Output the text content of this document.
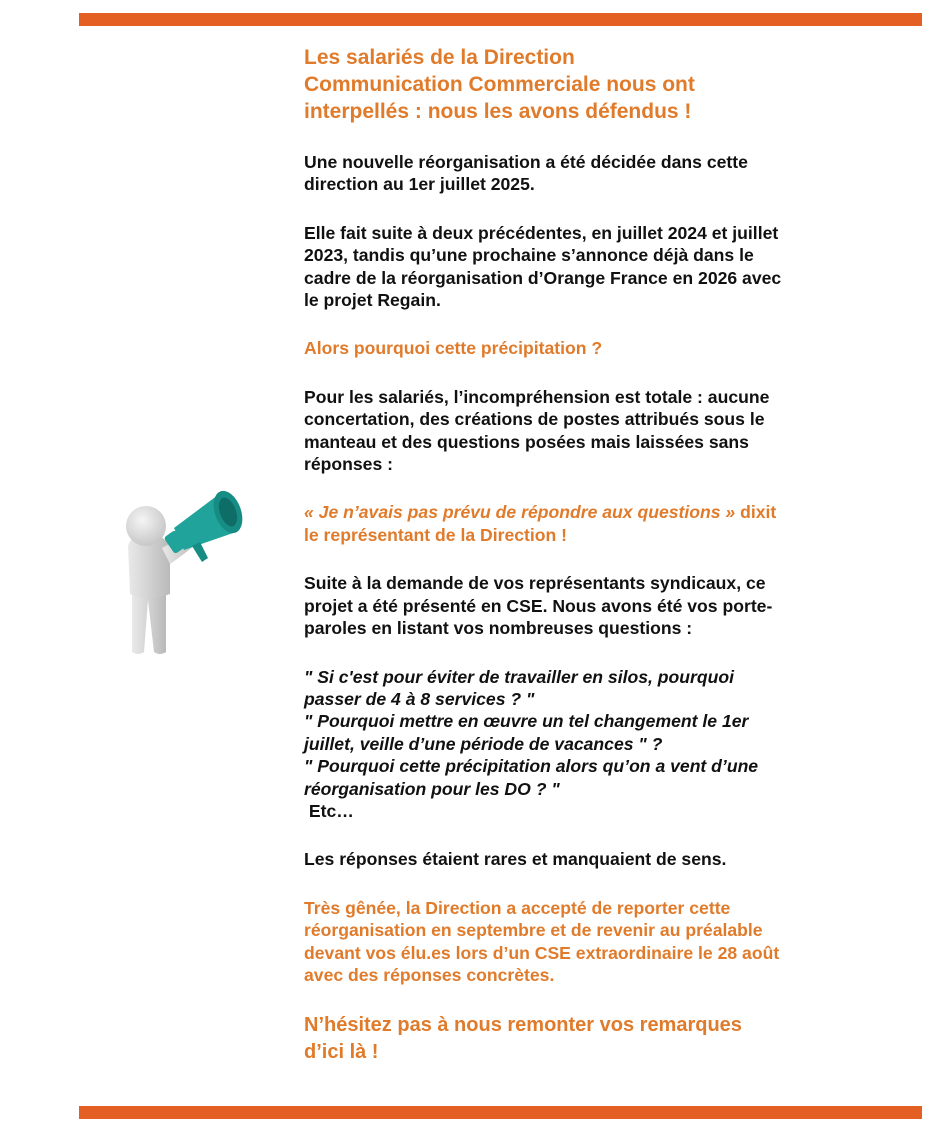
Les salariés de la Direction
Communication Commerciale nous ont
interpellés : nous les avons défendus !

Une nouvelle réorganisation a été décidée dans cette
direction au 1er juillet 2025.

Elle fait suite à deux précédentes, en juillet 2024 et juillet
2023, tandis qu’une prochaine s’annonce déjà dans le
cadre de la réorganisation d’Orange France en 2026 avec
le projet Regain.

Alors pourquoi cette précipitation ?

Pour les salariés, l’incompréhension est totale : aucune
concertation, des créations de postes attribués sous le
manteau et des questions posées mais laissées sans
réponses :

« Je n’avais pas prévu de répondre aux questions » dixit
le représentant de la Direction !

Suite à la demande de vos représentants syndicaux, ce
projet a été présenté en CSE. Nous avons été vos porte-
paroles en listant vos nombreuses questions :

" Si c'est pour éviter de travailler en silos, pourquoi
passer de 4 à 8 services ? "
" Pourquoi mettre en œuvre un tel changement le 1er
juillet, veille d’une période de vacances " ?
" Pourquoi cette précipitation alors qu’on a vent d’une
réorganisation pour les DO ? "

Etc…

Les réponses étaient rares et manquaient de sens.

Très gênée, la Direction a accepté de reporter cette
réorganisation en septembre et de revenir au préalable
devant vos élu.es lors d’un CSE extraordinaire le 28 août
avec des réponses concrètes.

N’hésitez pas à nous remonter vos remarques
d’ici là !
